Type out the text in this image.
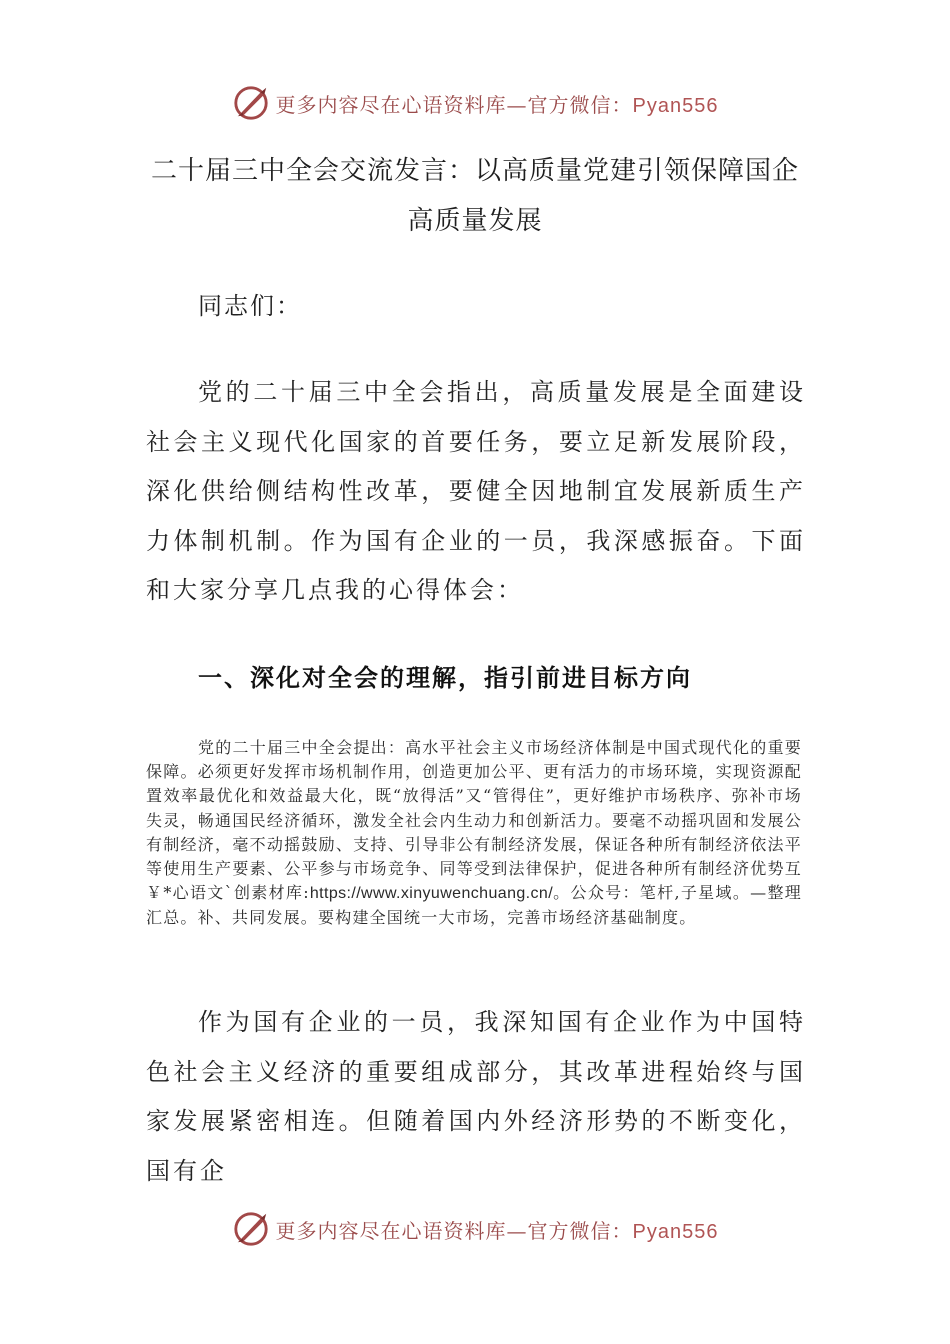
更多内容尽在心语资料库—官方微信：Pyan556
二十届三中全会交流发言：以高质量党建引领保障国企高质量发展
同志们：

党的二十届三中全会指出，高质量发展是全面建设社会主义现代化国家的首要任务，要立足新发展阶段，深化供给侧结构性改革，要健全因地制宜发展新质生产力体制机制。作为国有企业的一员，我深感振奋。下面和大家分享几点我的心得体会：

一、深化对全会的理解，指引前进目标方向

党的二十届三中全会提出：高水平社会主义市场经济体制是中国式现代化的重要保障。必须更好发挥市场机制作用，创造更加公平、更有活力的市场环境，实现资源配置效率最优化和效益最大化，既“放得活”又“管得住”，更好维护市场秩序、弥补市场失灵，畅通国民经济循环，激发全社会内生动力和创新活力。要毫不动摇巩固和发展公有制经济，毫不动摇鼓励、支持、引导非公有制经济发展，保证各种所有制经济依法平等使用生产要素、公平参与市场竞争、同等受到法律保护，促进各种所有制经济优势互￥*心语文`创素材库:https://www.xinyuwenchuang.cn/。公众号：笔杆,子星域。—整理汇总。补、共同发展。要构建全国统一大市场，完善市场经济基础制度。

作为国有企业的一员，我深知国有企业作为中国特色社会主义经济的重要组成部分，其改革进程始终与国家发展紧密相连。但随着国内外经济形势的不断变化，国有企

更多内容尽在心语资料库—官方微信：Pyan556
